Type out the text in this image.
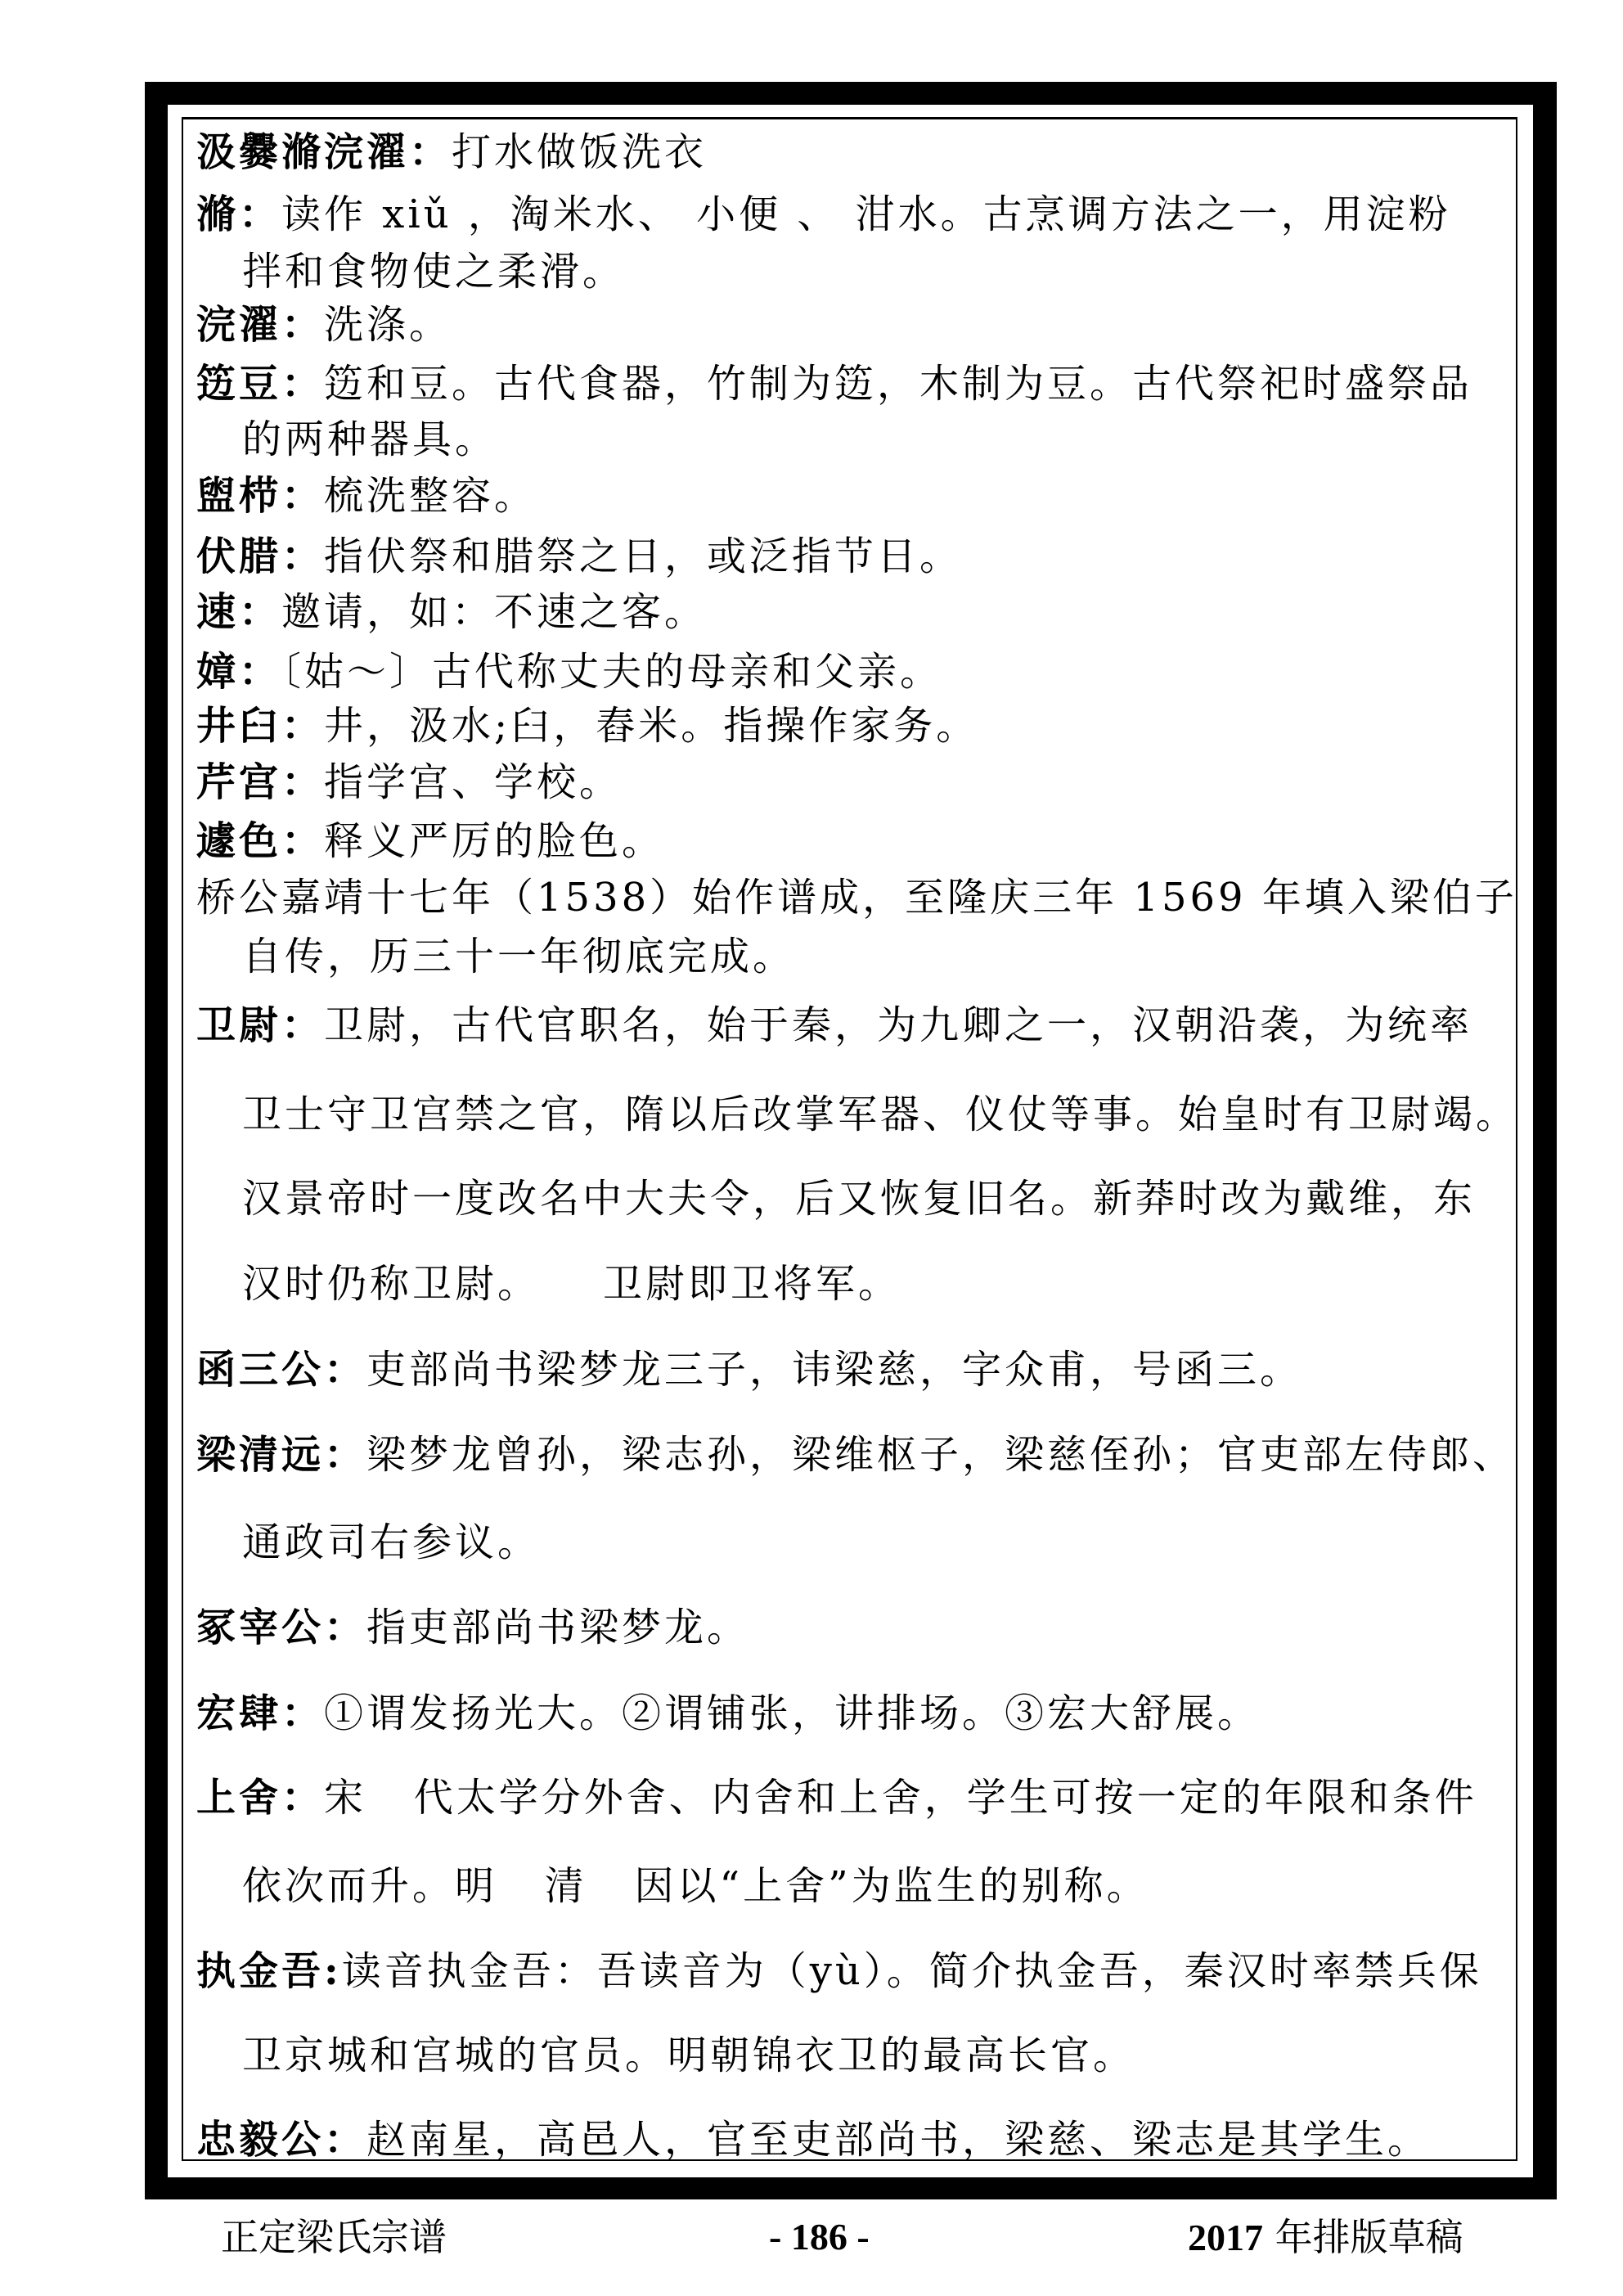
汲爨滫浣濯：打水做饭洗衣
滫：读作 xiǔ ，淘米水、 小便 、 泔水。古烹调方法之一，用淀粉
拌和食物使之柔滑。
浣濯：洗涤。
笾豆：笾和豆。古代食器，竹制为笾，木制为豆。古代祭祀时盛祭品
的两种器具。
盥栉：梳洗整容。
伏腊：指伏祭和腊祭之日，或泛指节日。
速：邀请，如：不速之客。
嫜：〔姑～〕古代称丈夫的母亲和父亲。
井臼：井，汲水;臼，舂米。指操作家务。
芹宫：指学宫、学校。
遽色：释义严厉的脸色。
桥公嘉靖十七年（1538）始作谱成，至隆庆三年 1569 年填入梁伯子
自传，历三十一年彻底完成。
卫尉：卫尉，古代官职名，始于秦，为九卿之一，汉朝沿袭，为统率
卫士守卫宫禁之官，隋以后改掌军器、仪仗等事。始皇时有卫尉竭。
汉景帝时一度改名中大夫令，后又恢复旧名。新莽时改为戴维，东
汉时仍称卫尉。    卫尉即卫将军。
函三公：吏部尚书梁梦龙三子，讳梁慈，字众甫，号函三。
梁清远：梁梦龙曾孙，梁志孙，梁维枢子，梁慈侄孙；官吏部左侍郎、
通政司右参议。
冢宰公：指吏部尚书梁梦龙。
宏肆：①谓发扬光大。②谓铺张，讲排场。③宏大舒展。
上舍：宋   代太学分外舍、内舍和上舍，学生可按一定的年限和条件
依次而升。明   清   因以“上舍”为监生的别称。
执金吾:读音执金吾：吾读音为（yù）。简介执金吾，秦汉时率禁兵保
卫京城和宫城的官员。明朝锦衣卫的最高长官。
忠毅公：赵南星，高邑人，官至吏部尚书，梁慈、梁志是其学生。
正定梁氏宗谱	- 186 -	2017 年排版草稿
